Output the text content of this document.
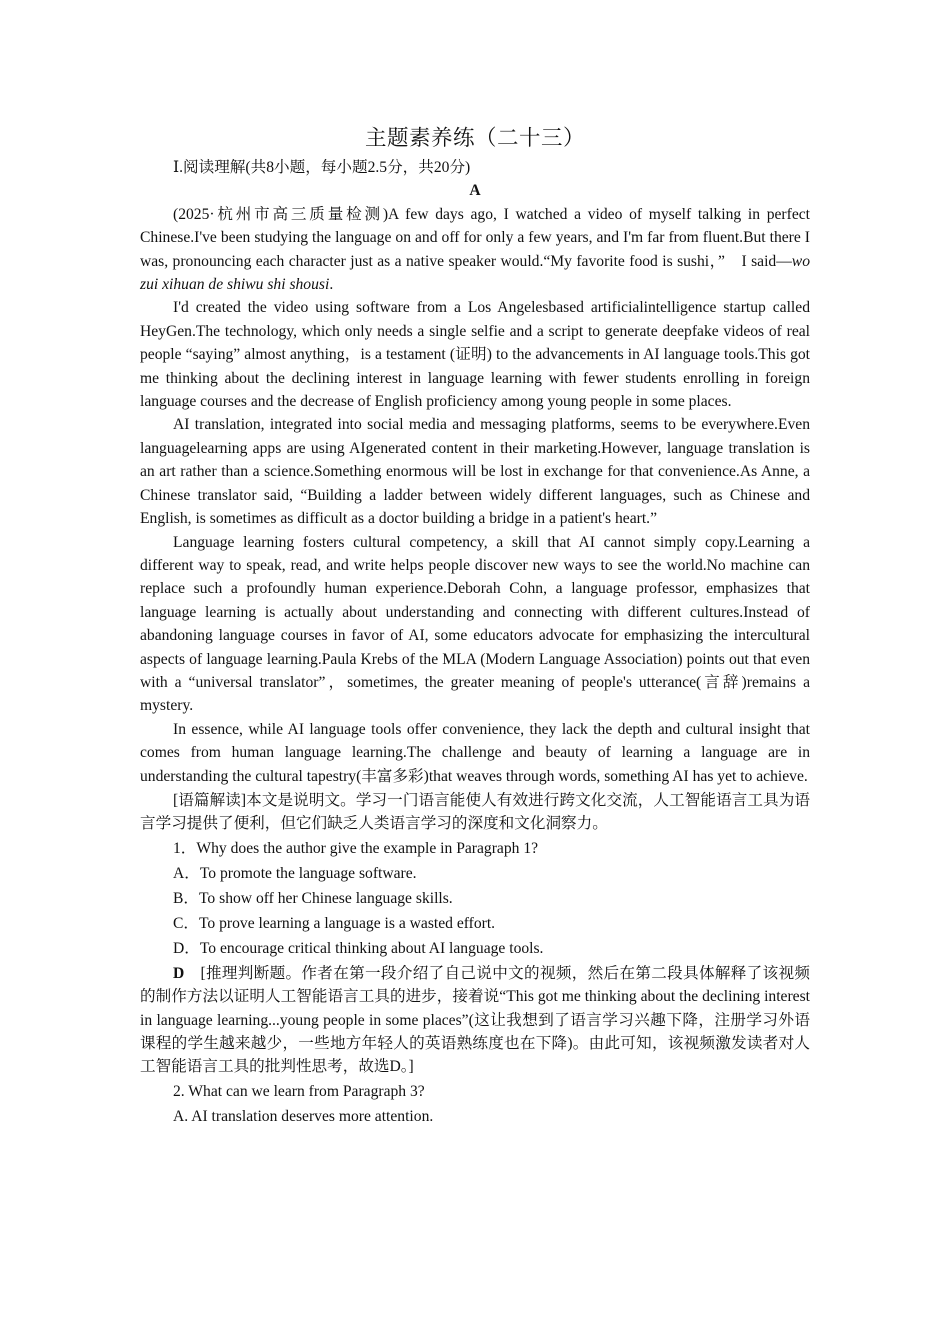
主题素养练（二十三）
Ⅰ.阅读理解(共8小题，每小题2.5分，共20分)
A

(2025·杭州市高三质量检测)A few days ago, I watched a video of myself talking in perfect Chinese.I've been studying the language on and off for only a few years, and I'm far from fluent.But there I was, pronouncing each character just as a native speaker would.“My favorite food is sushi，”　I said—wo zui xihuan de shiwu shi shousi.

I'd created the video using software from a Los Angelesbased artificialintelligence startup called HeyGen.The technology, which only needs a single selfie and a script to generate deepfake videos of real people “saying” almost anything，is a testament (证明) to the advancements in AI language tools.This got me thinking about the declining interest in language learning with fewer students enrolling in foreign language courses and the decrease of English proficiency among young people in some places.

AI translation, integrated into social media and messaging platforms, seems to be everywhere.Even languagelearning apps are using AIgenerated content in their marketing.However, language translation is an art rather than a science.Something enormous will be lost in exchange for that convenience.As Anne, a Chinese translator said, “Building a ladder between widely different languages, such as Chinese and English, is sometimes as difficult as a doctor building a bridge in a patient's heart.”

Language learning fosters cultural competency, a skill that AI cannot simply copy.Learning a different way to speak, read, and write helps people discover new ways to see the world.No machine can replace such a profoundly human experience.Deborah Cohn, a language professor, emphasizes that language learning is actually about understanding and connecting with different cultures.Instead of abandoning language courses in favor of AI, some educators advocate for emphasizing the intercultural aspects of language learning.Paula Krebs of the MLA (Modern Language Association) points out that even with a “universal translator”，sometimes, the greater meaning of people's utterance(言辞)remains a mystery.

In essence, while AI language tools offer convenience, they lack the depth and cultural insight that comes from human language learning.The challenge and beauty of learning a language are in understanding the cultural tapestry(丰富多彩)that weaves through words, something AI has yet to achieve.

[语篇解读]本文是说明文。学习一门语言能使人有效进行跨文化交流，人工智能语言工具为语言学习提供了便利，但它们缺乏人类语言学习的深度和文化洞察力。

1．Why does the author give the example in Paragraph 1?
A．To promote the language software.
B．To show off her Chinese language skills.
C．To prove learning a language is a wasted effort.
D．To encourage critical thinking about AI language tools.

D　 [推理判断题。作者在第一段介绍了自己说中文的视频，然后在第二段具体解释了该视频的制作方法以证明人工智能语言工具的进步，接着说“This got me thinking about the declining interest in language learning...young people in some places”(这让我想到了语言学习兴趣下降，注册学习外语课程的学生越来越少，一些地方年轻人的英语熟练度也在下降)。由此可知，该视频激发读者对人工智能语言工具的批判性思考，故选D。]

2. What can we learn from Paragraph 3?
A. AI translation deserves more attention.
